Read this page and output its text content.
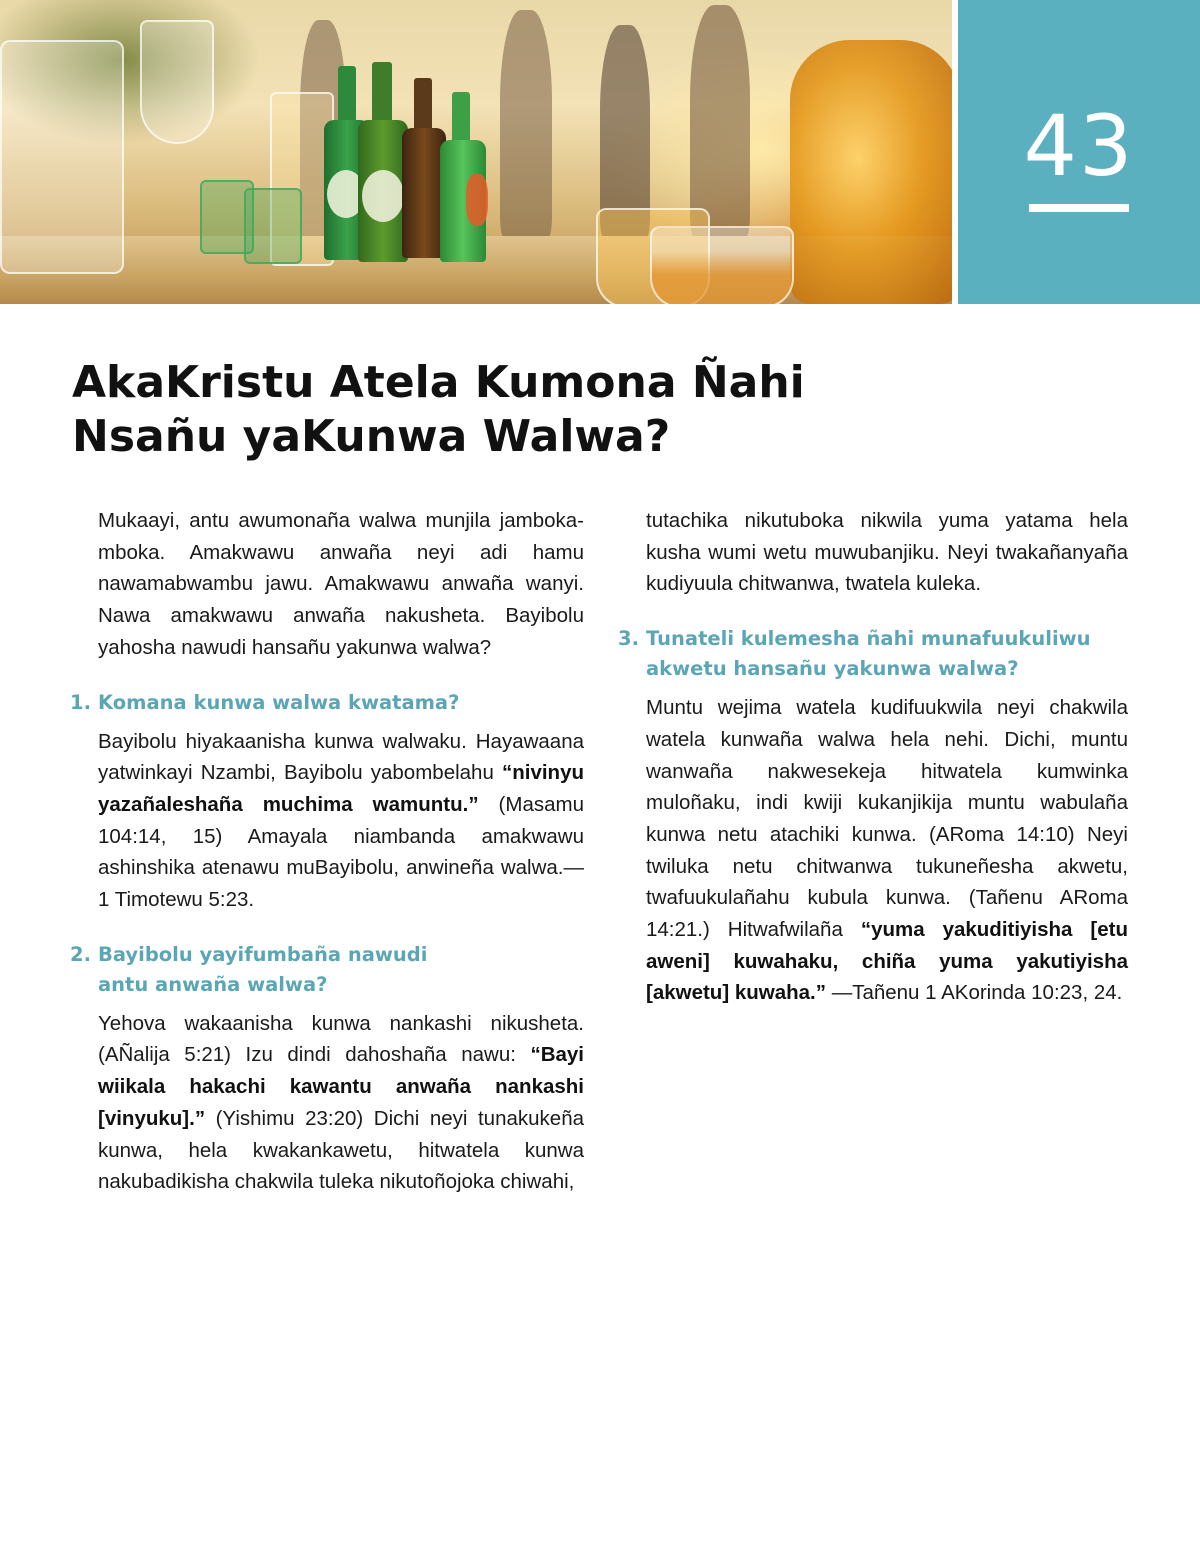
43
AkaKristu Atela Kumona Ñahi
Nsañu yaKunwa Walwa?

Mukaayi, antu awumonaña walwa munjila jamboka-mboka. Amakwawu anwaña neyi adi hamu nawamabwambu jawu. Amakwawu anwaña wanyi. Nawa amakwawu anwaña nakusheta. Bayibolu yahosha nawudi hansañu yakunwa walwa?

1. Komana kunwa walwa kwatama?

Bayibolu hiyakaanisha kunwa walwaku. Hayawaana yatwinkayi Nzambi, Bayibolu yabombelahu “nivinyu yazañaleshaña muchima wamuntu.” (Masamu 104:14, 15) Amayala niambanda amakwawu ashinshika atenawu muBayibolu, anwineña walwa.—1 Timotewu 5:23.

2. Bayibolu yayifumbaña nawudi
antu anwaña walwa?

Yehova wakaanisha kunwa nankashi nikusheta. (AÑalija 5:21) Izu dindi dahoshaña nawu: “Bayi wiikala hakachi kawantu anwaña nankashi [vinyuku].” (Yishimu 23:20) Dichi neyi tunakukeña kunwa, hela kwakankawetu, hitwatela kunwa nakubadikisha chakwila tuleka nikutoñojoka chiwahi,

tutachika nikutuboka nikwila yuma yatama hela kusha wumi wetu muwubanjiku. Neyi twakañanyaña kudiyuula chitwanwa, twatela kuleka.

3. Tunateli kulemesha ñahi munafuukuliwu
akwetu hansañu yakunwa walwa?

Muntu wejima watela kudifuukwila neyi chakwila watela kunwaña walwa hela nehi. Dichi, muntu wanwaña nakwesekeja hitwatela kumwinka muloñaku, indi kwiji kukanjikija muntu wabulaña kunwa netu atachiki kunwa. (ARoma 14:10) Neyi twiluka netu chitwanwa tukuneñesha akwetu, twafuukulañahu kubula kunwa. (Tañenu ARoma 14:21.) Hitwafwilaña “yuma yakuditiyisha [etu aweni] kuwahaku, chiña yuma yakutiyisha [akwetu] kuwaha.” —Tañenu 1 AKorinda 10:23, 24.
